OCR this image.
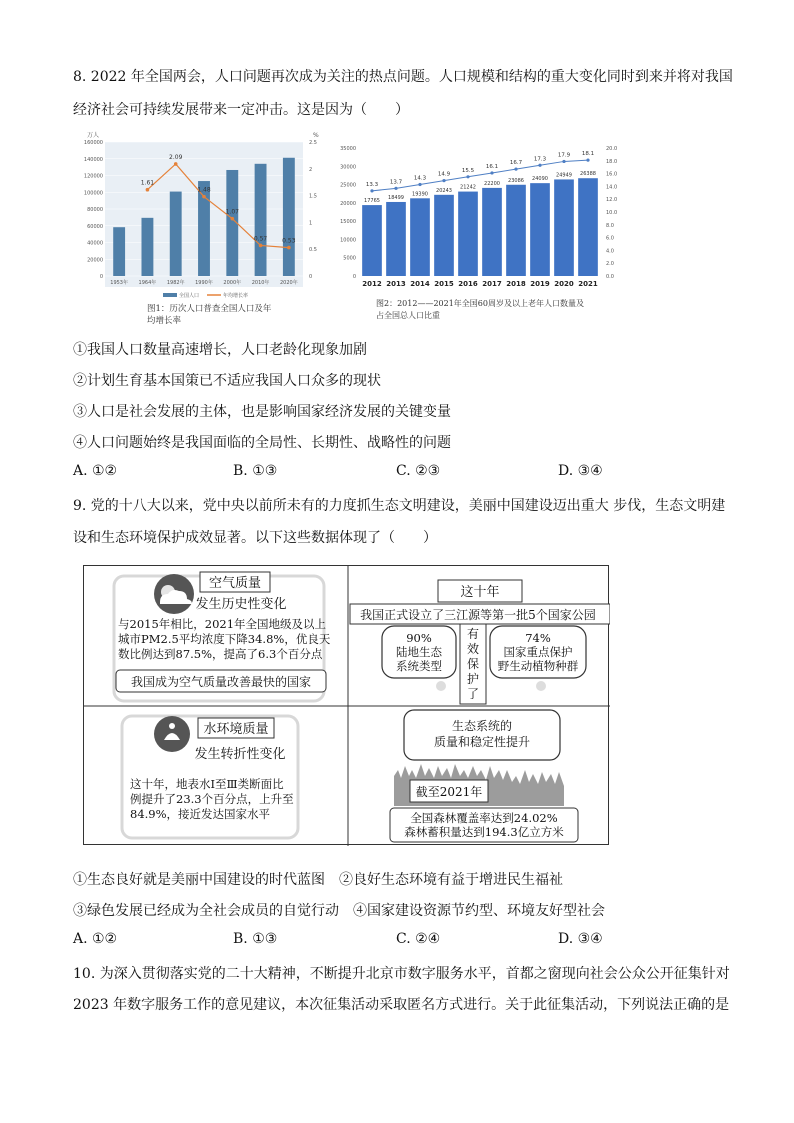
8. 2022 年全国两会，人口问题再次成为关注的热点问题。人口规模和结构的重大变化同时到来并将对我国
经济社会可持续发展带来一定冲击。这是因为（　　）
万人	%
160000
140000
120000
100000
80000
60000
40000
20000
0
2.5
2
1.5
1
0.5
0
1953年 1964年 1982年 1990年 2000年 2010年 2020年
1.61
2.09
1.48
1.07
0.57 0.53
全国人口	年均增长率
图1：历次人口普查全国人口及年
均增长率
35000
30000
25000
20000
15000
10000
5000
0
20.0
18.0
16.0
14.0
12.0
10.0
8.0
6.0
4.0
2.0
0.0
17765
18499
19390
20243
21242
22200
23086 24090
24949 26388
2012 2013 2014 2015 2016 2017 2018 2019 2020 2021
13.3 13.7
14.3
14.9
15.5
16.1
16.7
17.3
17.9 18.1
图2：2012——2021年全国60周岁及以上老年人口数量及
占全国总人口比重
①我国人口数量高速增长，人口老龄化现象加剧
②计划生育基本国策已不适应我国人口众多的现状
③人口是社会发展的主体，也是影响国家经济发展的关键变量
④人口问题始终是我国面临的全局性、长期性、战略性的问题
A. ①②	B. ①③	C. ②③	D. ③④
9. 党的十八大以来，党中央以前所未有的力度抓生态文明建设，美丽中国建设迈出重大 步伐，生态文明建
设和生态环境保护成效显著。以下这些数据体现了（　　）
空气质量
发生历史性变化
与2015年相比，2021年全国地级及以上
城市PM2.5平均浓度下降34.8%，优良天
数比例达到87.5%，提高了6.3个百分点
我国成为空气质量改善最快的国家
这十年
我国正式设立了三江源等第一批5个国家公园
90%
陆地生态
系统类型
有
效
保
护
了
74%
国家重点保护
野生动植物种群
水环境质量
发生转折性变化
这十年，地表水Ⅰ至Ⅲ类断面比
例提升了23.3个百分点，上升至
84.9%，接近发达国家水平
生态系统的
质量和稳定性提升
截至2021年
全国森林覆盖率达到24.02%
森林蓄积量达到194.3亿立方米
①生态良好就是美丽中国建设的时代蓝图　②良好生态环境有益于增进民生福祉
③绿色发展已经成为全社会成员的自觉行动　④国家建设资源节约型、环境友好型社会
A. ①②	B. ①③	C. ②④	D. ③④
10. 为深入贯彻落实党的二十大精神，不断提升北京市数字服务水平，首都之窗现向社会公众公开征集针对
2023 年数字服务工作的意见建议，本次征集活动采取匿名方式进行。关于此征集活动，下列说法正确的是
